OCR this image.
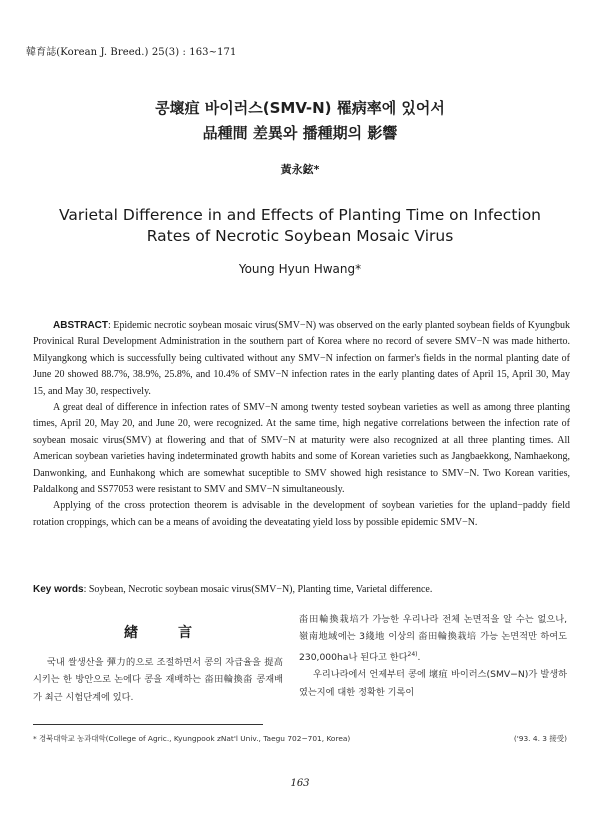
韓育誌(Korean J. Breed.) 25(3) : 163~171
콩壞疽 바이러스(SMV-N) 罹病率에 있어서
品種間 差異와 播種期의 影響
黃永鉉*
Varietal Difference in and Effects of Planting Time on Infection
Rates of Necrotic Soybean Mosaic Virus
Young Hyun Hwang*

ABSTRACT: Epidemic necrotic soybean mosaic virus(SMV−N) was observed on the early planted soybean fields of Kyungbuk Provinical Rural Development Administration in the southern part of Korea where no record of severe SMV−N was made hitherto. Milyangkong which is successfully being cultivated without any SMV−N infection on farmer's fields in the normal planting date of June 20 showed 88.7%, 38.9%, 25.8%, and 10.4% of SMV−N infection rates in the early planting dates of April 15, April 30, May 15, and May 30, respectively.

A great deal of difference in infection rates of SMV−N among twenty tested soybean varieties as well as among three planting times, April 20, May 20, and June 20, were recognized. At the same time, high negative correlations between the infection rate of soybean mosaic virus(SMV) at flowering and that of SMV−N at maturity were also recognized at all three planting times. All American soybean varieties having indeterminated growth habits and some of Korean varieties such as Jangbaekkong, Namhaekong, Danwonking, and Eunhakong which are somewhat suceptible to SMV showed high resistance to SMV−N. Two Korean varities, Paldalkong and SS77053 were resistant to SMV and SMV−N simultaneously.

Applying of the cross protection theorem is advisable in the development of soybean varieties for the upland−paddy field rotation croppings, which can be a means of avoiding the deveatating yield loss by possible epidemic SMV−N.

Key words: Soybean, Necrotic soybean mosaic virus(SMV−N), Planting time, Varietal difference.
緖言

국내 쌀생산을 彈力的으로 조절하면서 콩의 자급율을 提高시키는 한 방안으로 논에다 콩을 재배하는 畓田輪換畓 콩재배가 최근 시험단계에 있다.

畓田輪換栽培가 가능한 우리나라 전체 논면적을 알 수는 없으나, 嶺南地域에는 3綫地 이상의 畓田輪換栽培 가능 논면적만 하여도 230,000ha나 된다고 한다$^{24)}$.

우리나라에서 언제부터 콩에 壞疽 바이러스(SMV−N)가 발생하였는지에 대한 정확한 기록이

* 경북대학교 농과대학(College of Agric., Kyungpook zNat'l Univ., Taegu 702−701, Korea)	('93. 4. 3 接受)
163
